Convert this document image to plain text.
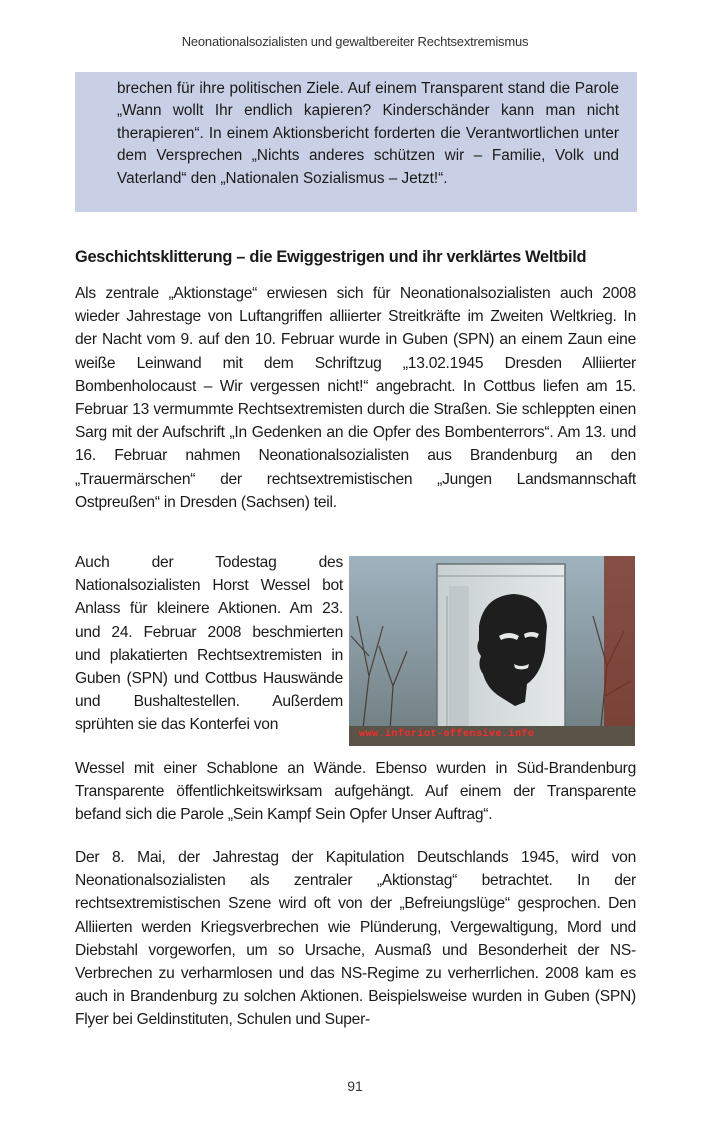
Neonationalsozialisten und gewaltbereiter Rechtsextremismus
brechen für ihre politischen Ziele. Auf einem Transparent stand die Parole „Wann wollt Ihr endlich kapieren? Kinderschänder kann man nicht therapieren“. In einem Aktionsbericht forderten die Verantwortlichen unter dem Versprechen „Nichts anderes schützen wir – Familie, Volk und Vaterland“ den „Nationalen Sozialismus – Jetzt!“.
Geschichtsklitterung – die Ewiggestrigen und ihr verklärtes Weltbild
Als zentrale „Aktionstage“ erwiesen sich für Neonationalsozialisten auch 2008 wieder Jahrestage von Luftangriffen alliierter Streitkräfte im Zweiten Weltkrieg. In der Nacht vom 9. auf den 10. Februar wurde in Guben (SPN) an einem Zaun eine weiße Leinwand mit dem Schriftzug „13.02.1945 Dresden Alliierter Bombenholocaust – Wir vergessen nicht!“ angebracht. In Cottbus liefen am 15. Februar 13 vermummte Rechtsextremisten durch die Straßen. Sie schleppten einen Sarg mit der Aufschrift „In Gedenken an die Opfer des Bombenterrors“. Am 13. und 16. Februar nahmen Neonationalsozialisten aus Brandenburg an den „Trauermärschen“ der rechtsextremistischen „Jungen Landsmannschaft Ostpreußen“ in Dresden (Sachsen) teil.
Auch der Todestag des Nationalsozialisten Horst Wessel bot Anlass für kleinere Aktionen. Am 23. und 24. Februar 2008 beschmierten und plakatierten Rechtsextremisten in Guben (SPN) und Cottbus Hauswände und Bushaltestellen. Außerdem sprühten sie das Konterfei von
Wessel mit einer Schablone an Wände. Ebenso wurden in Süd-Brandenburg Transparente öffentlichkeitswirksam aufgehängt. Auf einem der Transparente befand sich die Parole „Sein Kampf Sein Opfer Unser Auftrag“.
www.inforiot-offensive.info
Der 8. Mai, der Jahrestag der Kapitulation Deutschlands 1945, wird von Neonationalsozialisten als zentraler „Aktionstag“ betrachtet. In der rechtsextremistischen Szene wird oft von der „Befreiungslüge“ gesprochen. Den Alliierten werden Kriegsverbrechen wie Plünderung, Vergewaltigung, Mord und Diebstahl vorgeworfen, um so Ursache, Ausmaß und Besonderheit der NS-Verbrechen zu verharmlosen und das NS-Regime zu verherrlichen. 2008 kam es auch in Brandenburg zu solchen Aktionen. Beispielsweise wurden in Guben (SPN) Flyer bei Geldinstituten, Schulen und Super-
91
